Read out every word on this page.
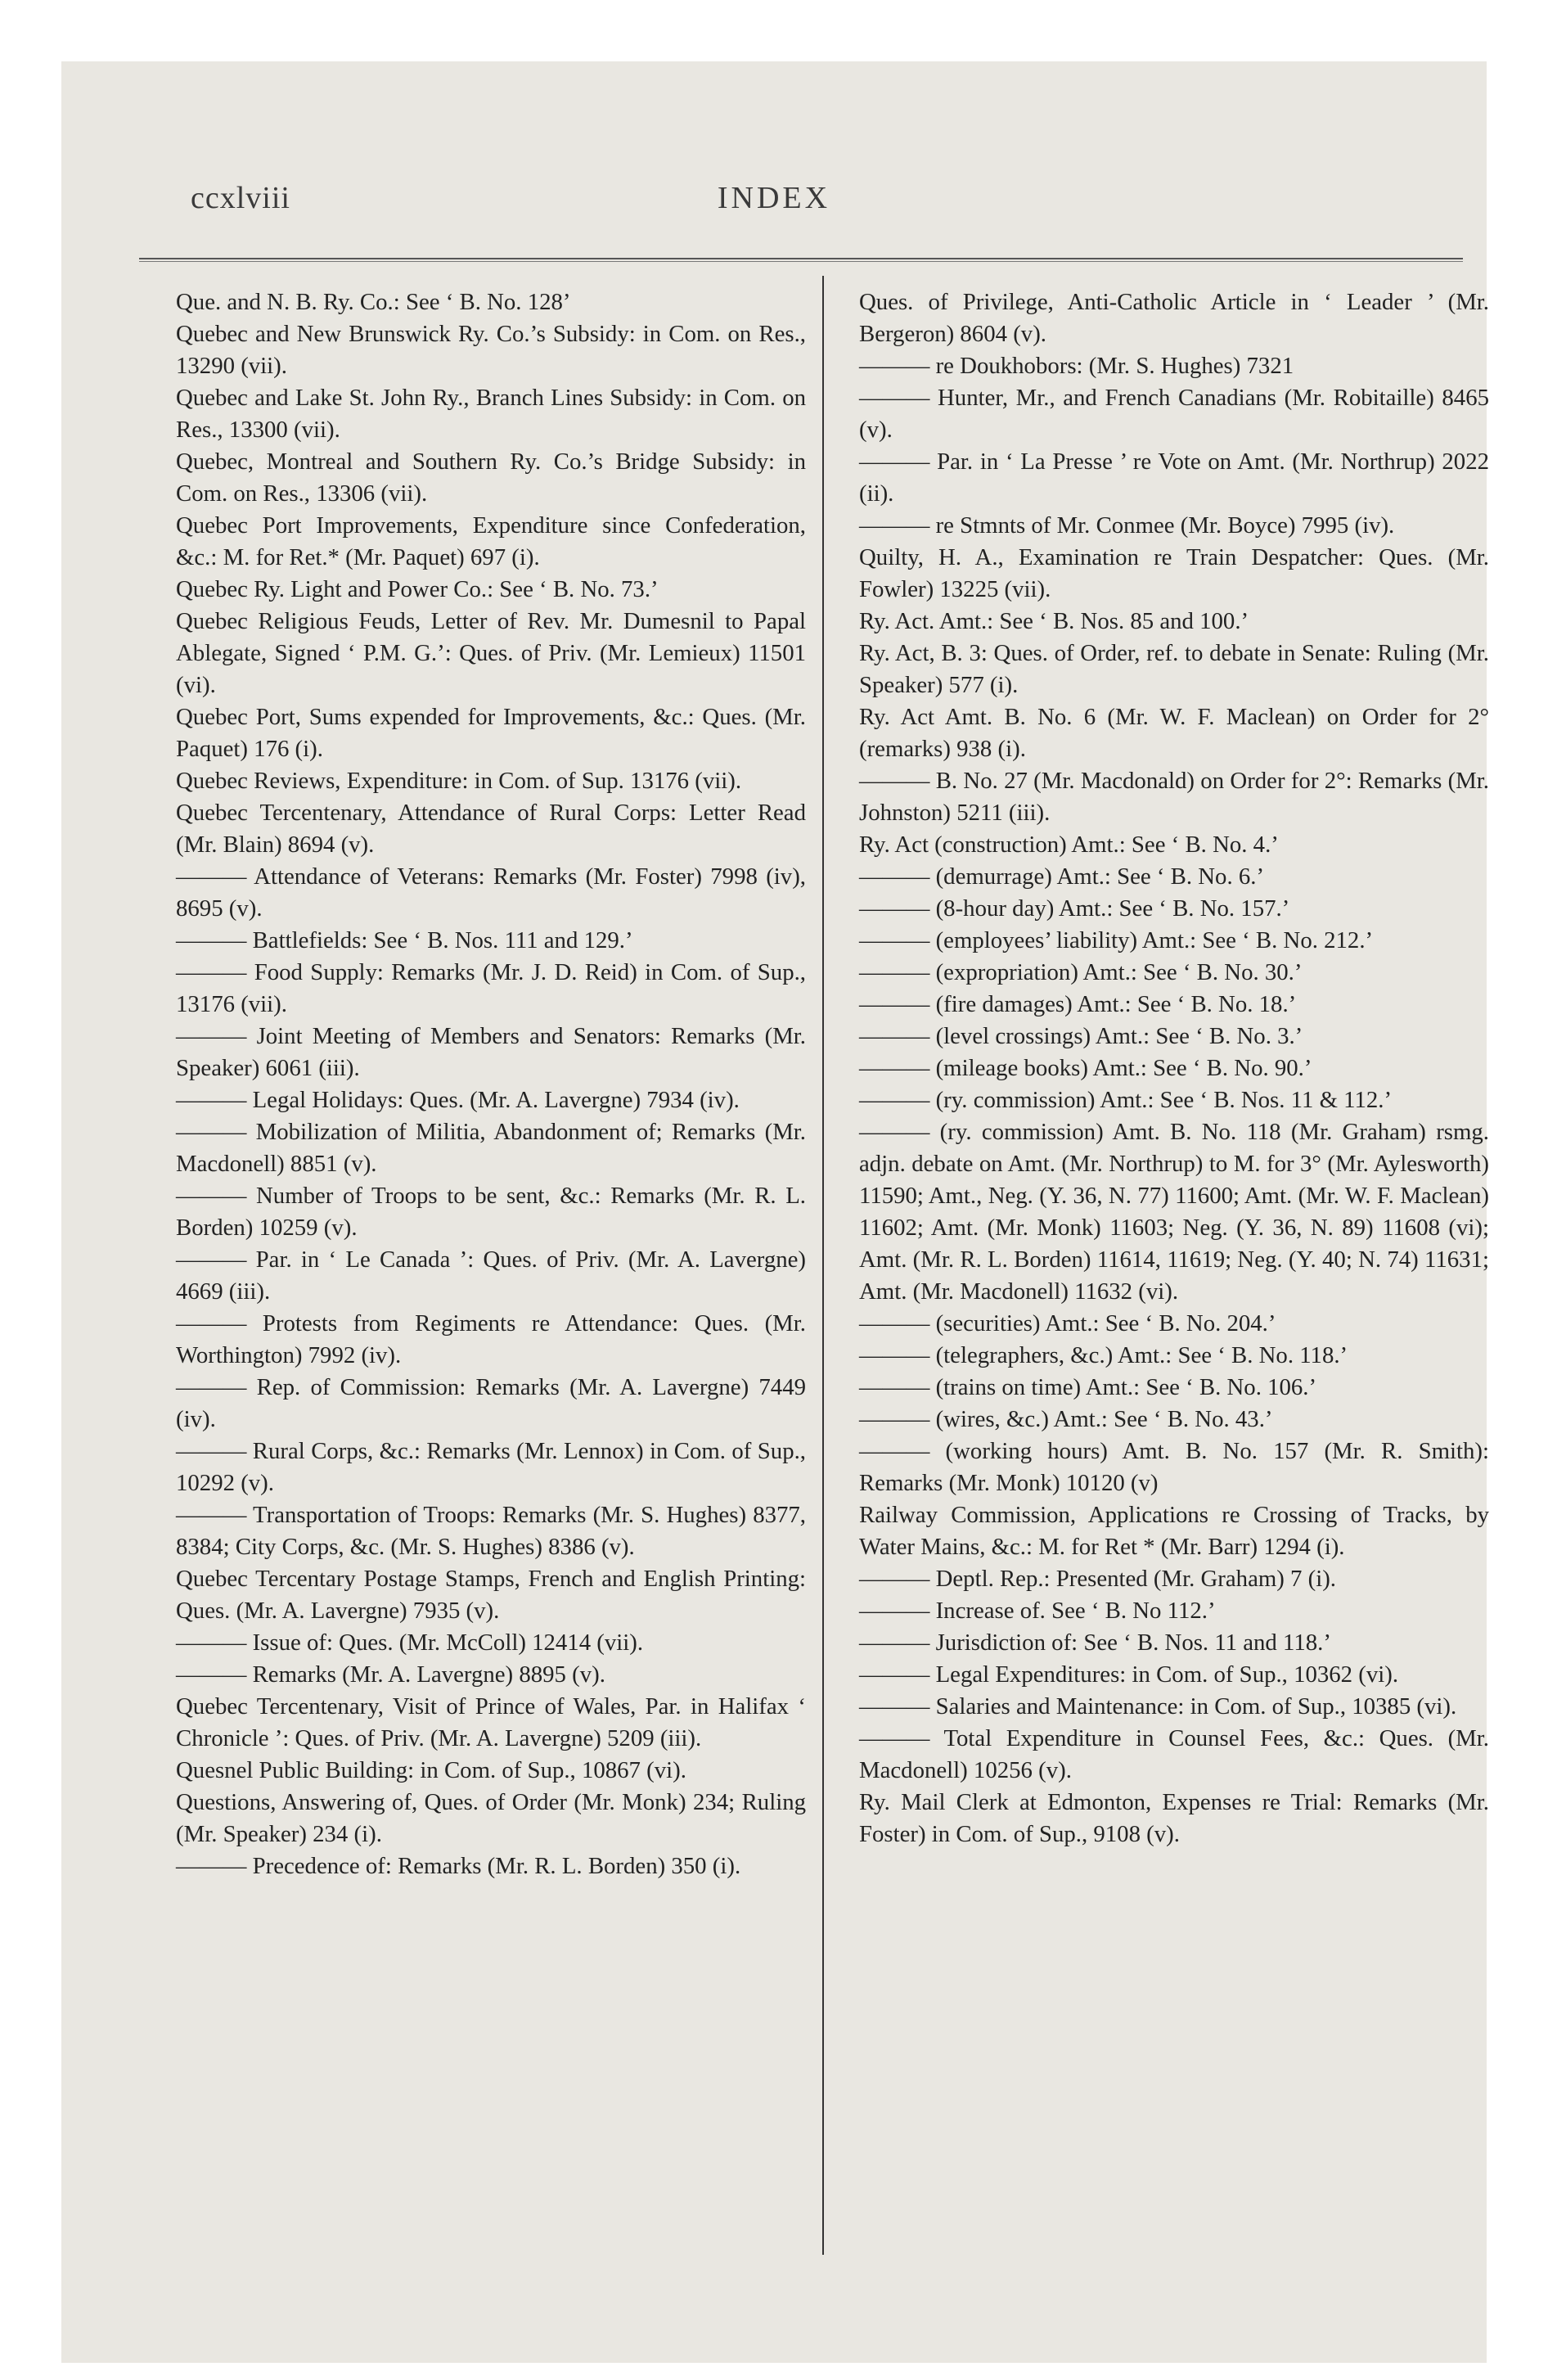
ccxlviii	INDEX

Que. and N. B. Ry. Co.: See ‘ B. No. 128’

Quebec and New Brunswick Ry. Co.’s Subsidy: in Com. on Res., 13290 (vii).

Quebec and Lake St. John Ry., Branch Lines Subsidy: in Com. on Res., 13300 (vii).

Quebec, Montreal and Southern Ry. Co.’s Bridge Subsidy: in Com. on Res., 13306 (vii).

Quebec Port Improvements, Expenditure since Confederation, &c.: M. for Ret.* (Mr. Paquet) 697 (i).

Quebec Ry. Light and Power Co.: See ‘ B. No. 73.’

Quebec Religious Feuds, Letter of Rev. Mr. Dumesnil to Papal Ablegate, Signed ‘ P.M. G.’: Ques. of Priv. (Mr. Lemieux) 11501 (vi).

Quebec Port, Sums expended for Improvements, &c.: Ques. (Mr. Paquet) 176 (i).

Quebec Reviews, Expenditure: in Com. of Sup. 13176 (vii).

Quebec Tercentenary, Attendance of Rural Corps: Letter Read (Mr. Blain) 8694 (v).

——— Attendance of Veterans: Remarks (Mr. Foster) 7998 (iv), 8695 (v).

——— Battlefields: See ‘ B. Nos. 111 and 129.’

——— Food Supply: Remarks (Mr. J. D. Reid) in Com. of Sup., 13176 (vii).

——— Joint Meeting of Members and Senators: Remarks (Mr. Speaker) 6061 (iii).

——— Legal Holidays: Ques. (Mr. A. Lavergne) 7934 (iv).

——— Mobilization of Militia, Abandonment of; Remarks (Mr. Macdonell) 8851 (v).

——— Number of Troops to be sent, &c.: Remarks (Mr. R. L. Borden) 10259 (v).

——— Par. in ‘ Le Canada ’: Ques. of Priv. (Mr. A. Lavergne) 4669 (iii).

——— Protests from Regiments re Attendance: Ques. (Mr. Worthington) 7992 (iv).

——— Rep. of Commission: Remarks (Mr. A. Lavergne) 7449 (iv).

——— Rural Corps, &c.: Remarks (Mr. Lennox) in Com. of Sup., 10292 (v).

——— Transportation of Troops: Remarks (Mr. S. Hughes) 8377, 8384; City Corps, &c. (Mr. S. Hughes) 8386 (v).

Quebec Tercentary Postage Stamps, French and English Printing: Ques. (Mr. A. Lavergne) 7935 (v).

——— Issue of: Ques. (Mr. McColl) 12414 (vii).

——— Remarks (Mr. A. Lavergne) 8895 (v).

Quebec Tercentenary, Visit of Prince of Wales, Par. in Halifax ‘ Chronicle ’: Ques. of Priv. (Mr. A. Lavergne) 5209 (iii).

Quesnel Public Building: in Com. of Sup., 10867 (vi).

Questions, Answering of, Ques. of Order (Mr. Monk) 234; Ruling (Mr. Speaker) 234 (i).

——— Precedence of: Remarks (Mr. R. L. Borden) 350 (i).

Ques. of Privilege, Anti-Catholic Article in ‘ Leader ’ (Mr. Bergeron) 8604 (v).

——— re Doukhobors: (Mr. S. Hughes) 7321

——— Hunter, Mr., and French Canadians (Mr. Robitaille) 8465 (v).

——— Par. in ‘ La Presse ’ re Vote on Amt. (Mr. Northrup) 2022 (ii).

——— re Stmnts of Mr. Conmee (Mr. Boyce) 7995 (iv).

Quilty, H. A., Examination re Train Despatcher: Ques. (Mr. Fowler) 13225 (vii).

Ry. Act. Amt.: See ‘ B. Nos. 85 and 100.’

Ry. Act, B. 3: Ques. of Order, ref. to debate in Senate: Ruling (Mr. Speaker) 577 (i).

Ry. Act Amt. B. No. 6 (Mr. W. F. Maclean) on Order for 2° (remarks) 938 (i).

——— B. No. 27 (Mr. Macdonald) on Order for 2°: Remarks (Mr. Johnston) 5211 (iii).

Ry. Act (construction) Amt.: See ‘ B. No. 4.’

——— (demurrage) Amt.: See ‘ B. No. 6.’

——— (8-hour day) Amt.: See ‘ B. No. 157.’

——— (employees’ liability) Amt.: See ‘ B. No. 212.’

——— (expropriation) Amt.: See ‘ B. No. 30.’

——— (fire damages) Amt.: See ‘ B. No. 18.’

——— (level crossings) Amt.: See ‘ B. No. 3.’

——— (mileage books) Amt.: See ‘ B. No. 90.’

——— (ry. commission) Amt.: See ‘ B. Nos. 11 & 112.’

——— (ry. commission) Amt. B. No. 118 (Mr. Graham) rsmg. adjn. debate on Amt. (Mr. Northrup) to M. for 3° (Mr. Aylesworth) 11590; Amt., Neg. (Y. 36, N. 77) 11600; Amt. (Mr. W. F. Maclean) 11602; Amt. (Mr. Monk) 11603; Neg. (Y. 36, N. 89) 11608 (vi); Amt. (Mr. R. L. Borden) 11614, 11619; Neg. (Y. 40; N. 74) 11631; Amt. (Mr. Macdonell) 11632 (vi).

——— (securities) Amt.: See ‘ B. No. 204.’

——— (telegraphers, &c.) Amt.: See ‘ B. No. 118.’

——— (trains on time) Amt.: See ‘ B. No. 106.’

——— (wires, &c.) Amt.: See ‘ B. No. 43.’

——— (working hours) Amt. B. No. 157 (Mr. R. Smith): Remarks (Mr. Monk) 10120 (v)

Railway Commission, Applications re Crossing of Tracks, by Water Mains, &c.: M. for Ret * (Mr. Barr) 1294 (i).

——— Deptl. Rep.: Presented (Mr. Graham) 7 (i).

——— Increase of. See ‘ B. No 112.’

——— Jurisdiction of: See ‘ B. Nos. 11 and 118.’

——— Legal Expenditures: in Com. of Sup., 10362 (vi).

——— Salaries and Maintenance: in Com. of Sup., 10385 (vi).

——— Total Expenditure in Counsel Fees, &c.: Ques. (Mr. Macdonell) 10256 (v).

Ry. Mail Clerk at Edmonton, Expenses re Trial: Remarks (Mr. Foster) in Com. of Sup., 9108 (v).
